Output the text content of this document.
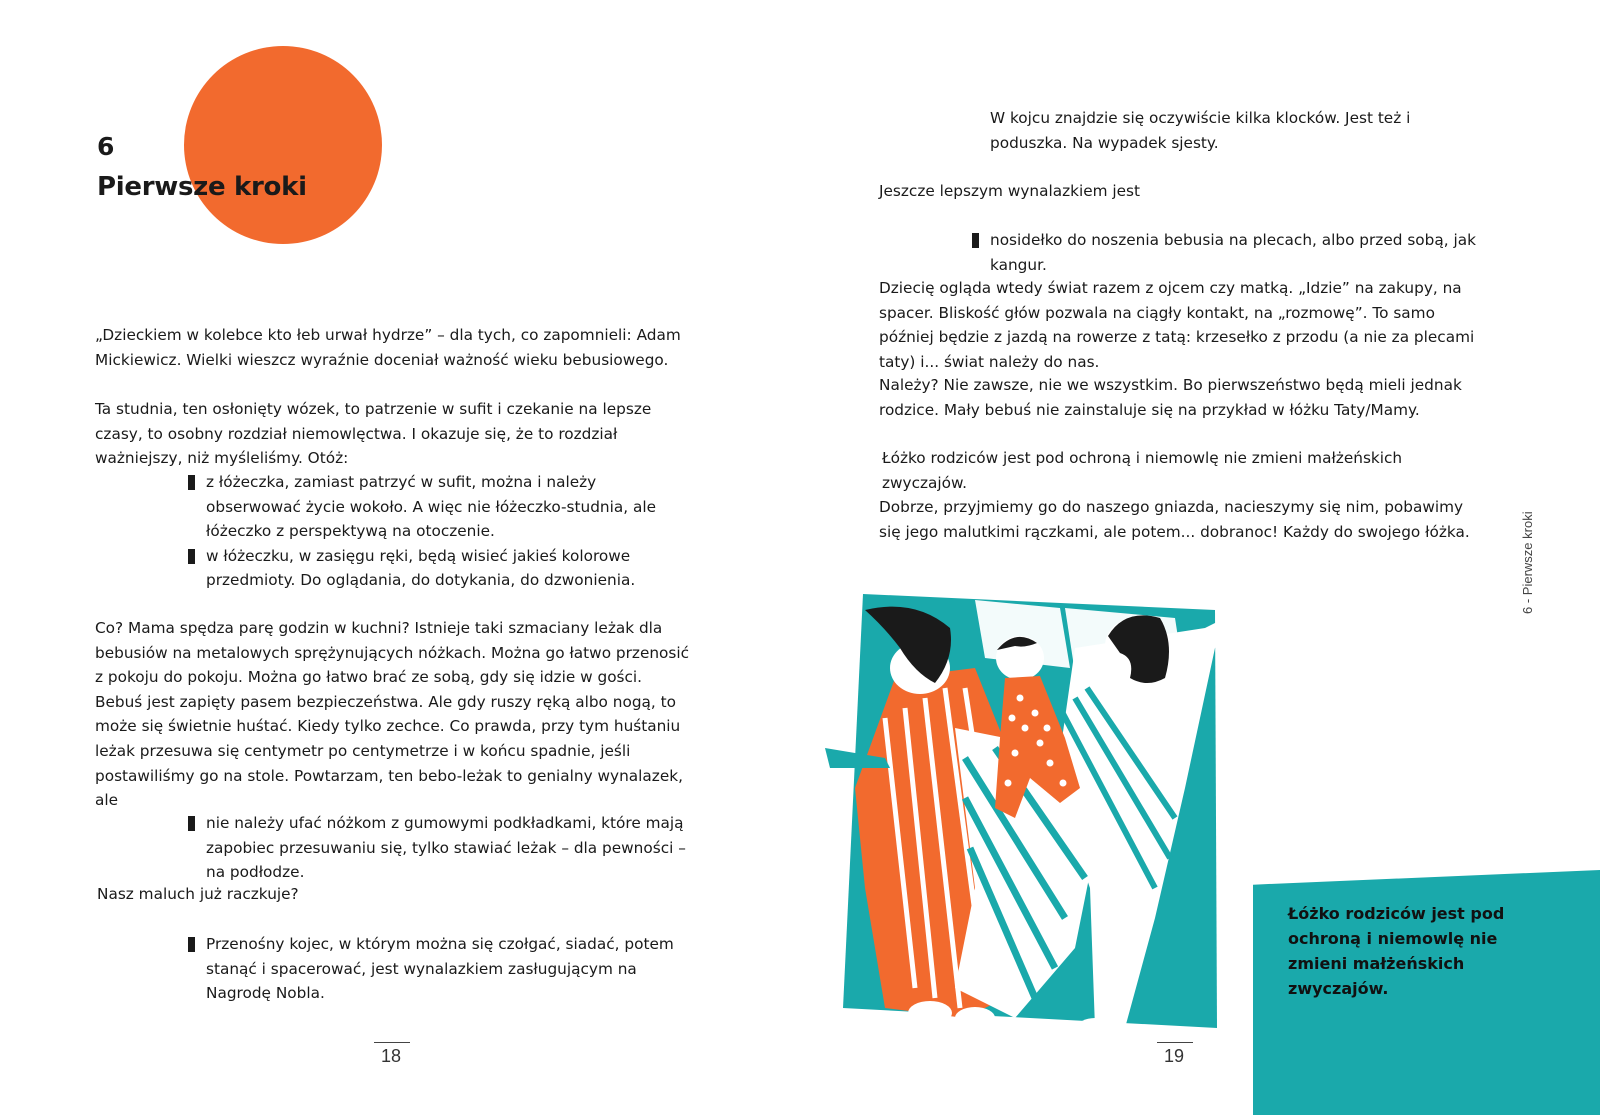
6
Pierwsze kroki

„Dzieckiem w kolebce kto łeb urwał hydrze” – dla tych, co zapomnieli: Adam Mickiewicz. Wielki wieszcz wyraźnie doceniał ważność wieku bebusiowego.

Ta studnia, ten osłonięty wózek, to patrzenie w sufit i czekanie na lepsze czasy, to osobny rozdział niemowlęctwa. I okazuje się, że to rozdział ważniejszy, niż myśleliśmy. Otóż:

z łóżeczka, zamiast patrzyć w sufit, można i należy obserwować życie wokoło. A więc nie łóżeczko-studnia, ale łóżeczko z perspektywą na otoczenie.
w łóżeczku, w zasięgu ręki, będą wisieć jakieś kolorowe przedmioty. Do oglądania, do dotykania, do dzwonienia.

Co? Mama spędza parę godzin w kuchni? Istnieje taki szmaciany leżak dla bebusiów na metalowych sprężynujących nóżkach. Można go łatwo przenosić z pokoju do pokoju. Można go łatwo brać ze sobą, gdy się idzie w gości. Bebuś jest zapięty pasem bezpieczeństwa. Ale gdy ruszy ręką albo nogą, to może się świetnie huśtać. Kiedy tylko zechce. Co prawda, przy tym huśtaniu leżak przesuwa się centymetr po centymetrze i w końcu spadnie, jeśli postawiliśmy go na stole. Powtarzam, ten bebo-leżak to genialny wynalazek, ale

nie należy ufać nóżkom z gumowymi podkładkami, które mają zapobiec przesuwaniu się, tylko stawiać leżak – dla pewności – na podłodze.

Nasz maluch już raczkuje?

Przenośny kojec, w którym można się czołgać, siadać, potem stanąć i spacerować, jest wynalazkiem zasługującym na Nagrodę Nobla.
18

W kojcu znajdzie się oczywiście kilka klocków. Jest też i poduszka. Na wypadek sjesty.

Jeszcze lepszym wynalazkiem jest

nosidełko do noszenia bebusia na plecach, albo przed sobą, jak kangur.

Dziecię ogląda wtedy świat razem z ojcem czy matką. „Idzie” na zakupy, na spacer. Bliskość głów pozwala na ciągły kontakt, na „rozmowę”. To samo później będzie z jazdą na rowerze z tatą: krzesełko z przodu (a nie za plecami taty) i... świat należy do nas.

Należy? Nie zawsze, nie we wszystkim. Bo pierwszeństwo będą mieli jednak rodzice. Mały bebuś nie zainstaluje się na przykład w łóżku Taty/Mamy.

Łóżko rodziców jest pod ochroną i niemowlę nie zmieni małżeńskich zwyczajów.

Dobrze, przyjmiemy go do naszego gniazda, nacieszymy się nim, pobawimy się jego malutkimi rączkami, ale potem... dobranoc! Każdy do swojego łóżka.	6 - Pierwsze kroki

Łóżko rodziców jest pod ochroną i niemowlę nie zmieni małżeńskich zwyczajów.

19
